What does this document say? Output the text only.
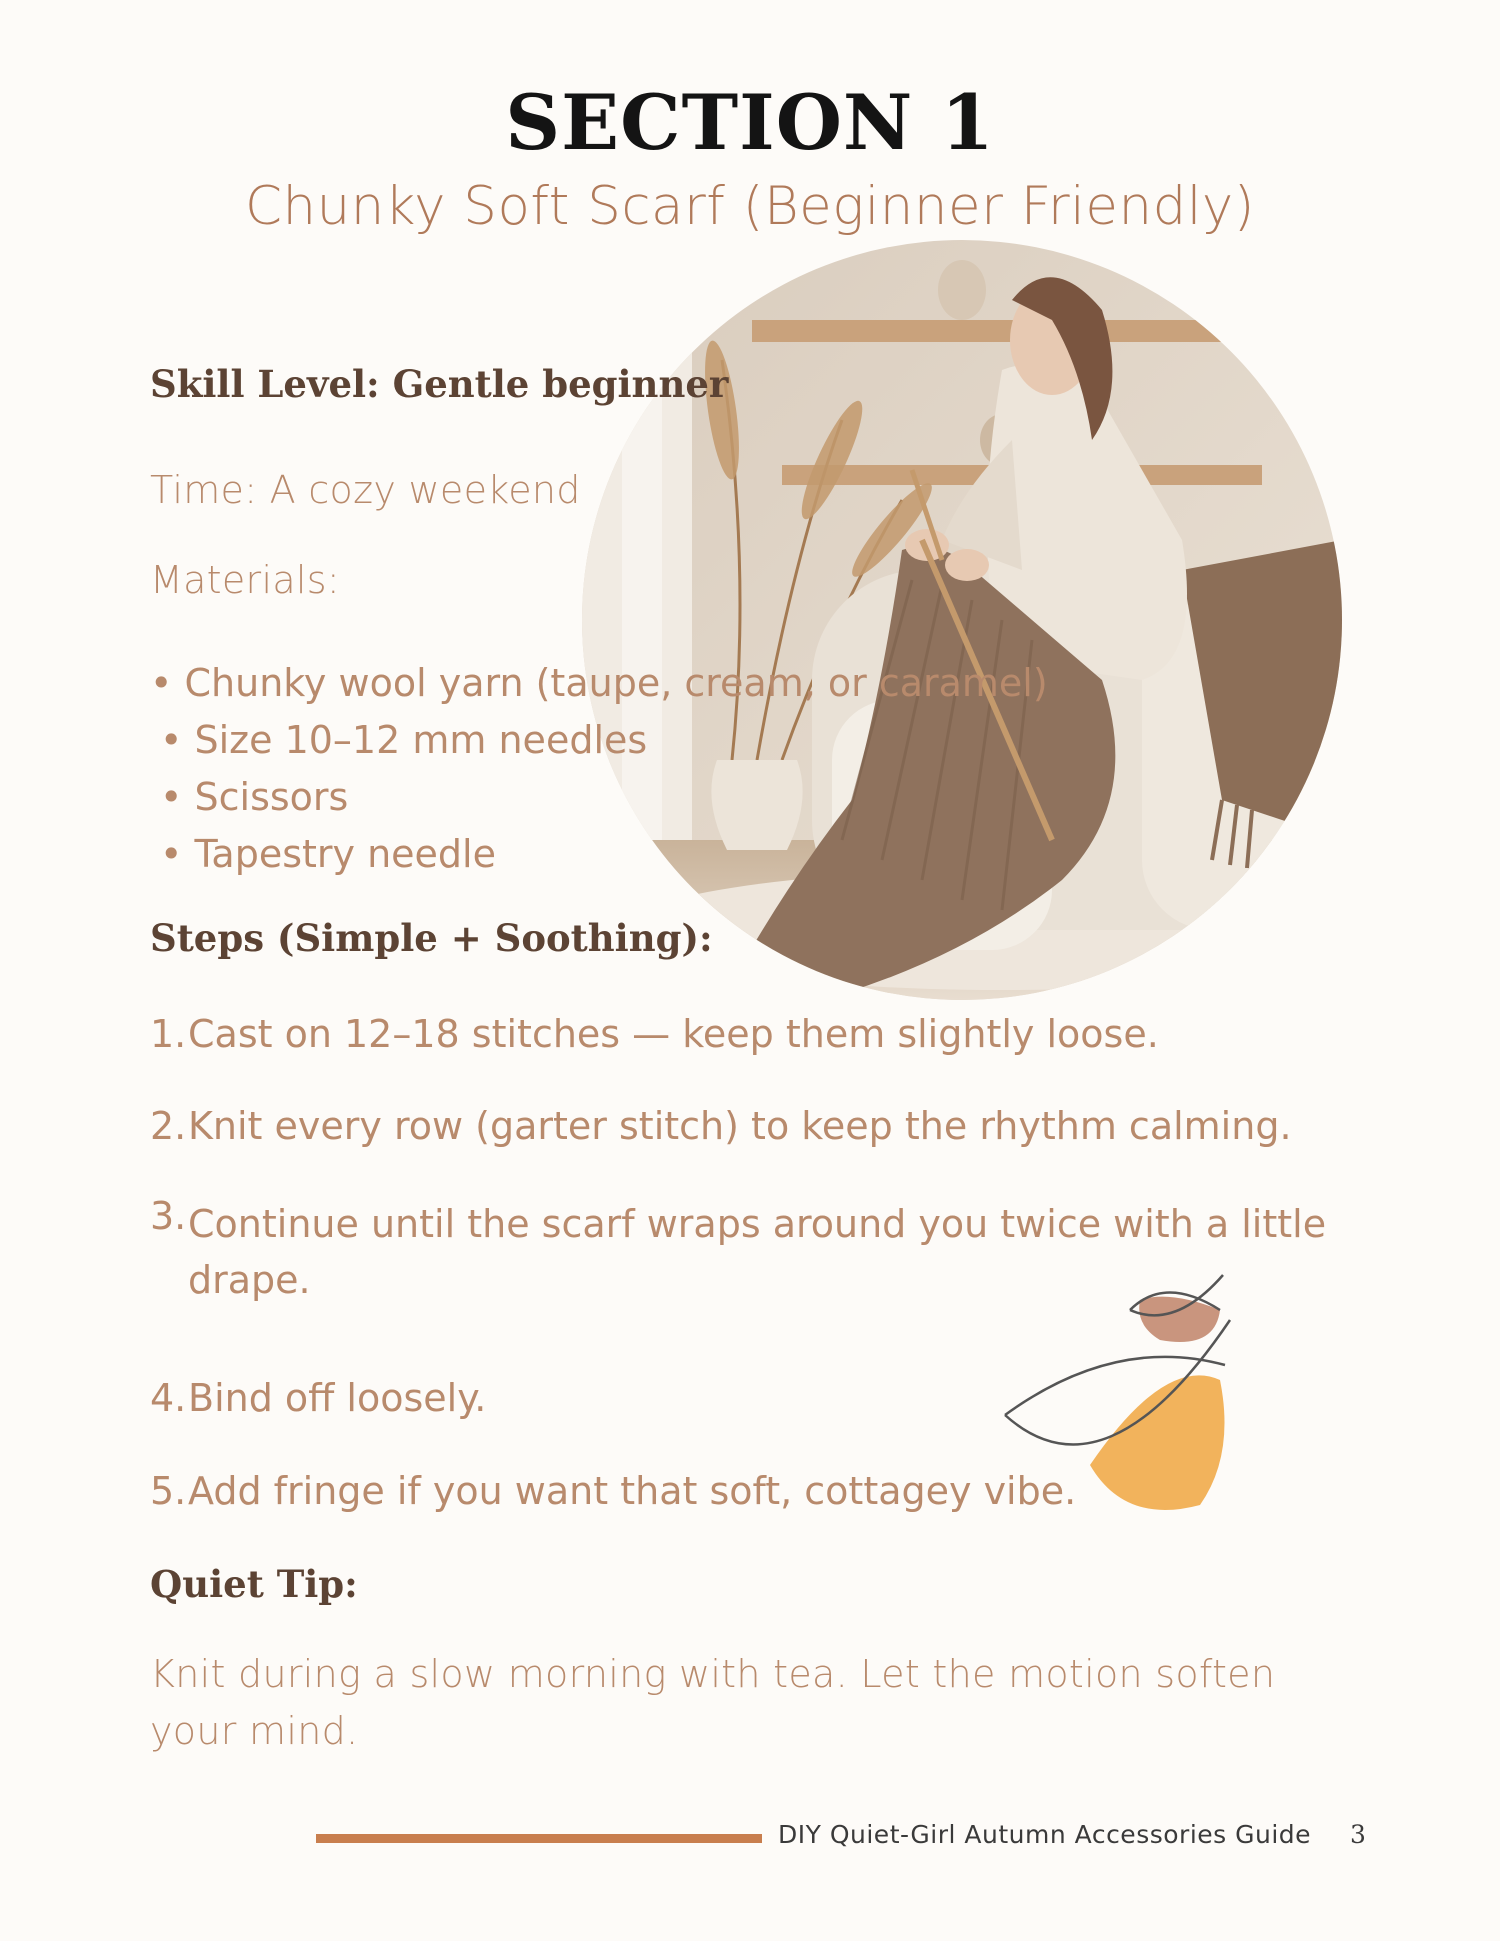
SECTION 1
Chunky Soft Scarf (Beginner Friendly)
Skill Level: Gentle beginner
Time: A cozy weekend
Materials:
• Chunky wool yarn (taupe, cream, or caramel)
• Size 10–12 mm needles
• Scissors
• Tapestry needle
Steps (Simple + Soothing):
1. Cast on 12–18 stitches — keep them slightly loose.
2. Knit every row (garter stitch) to keep the rhythm calming.
3. Continue until the scarf wraps around you twice with a little drape.
4. Bind off loosely.
5. Add fringe if you want that soft, cottagey vibe.
Quiet Tip:
Knit during a slow morning with tea. Let the motion soften your mind.
DIY Quiet-Girl Autumn Accessories Guide 3
